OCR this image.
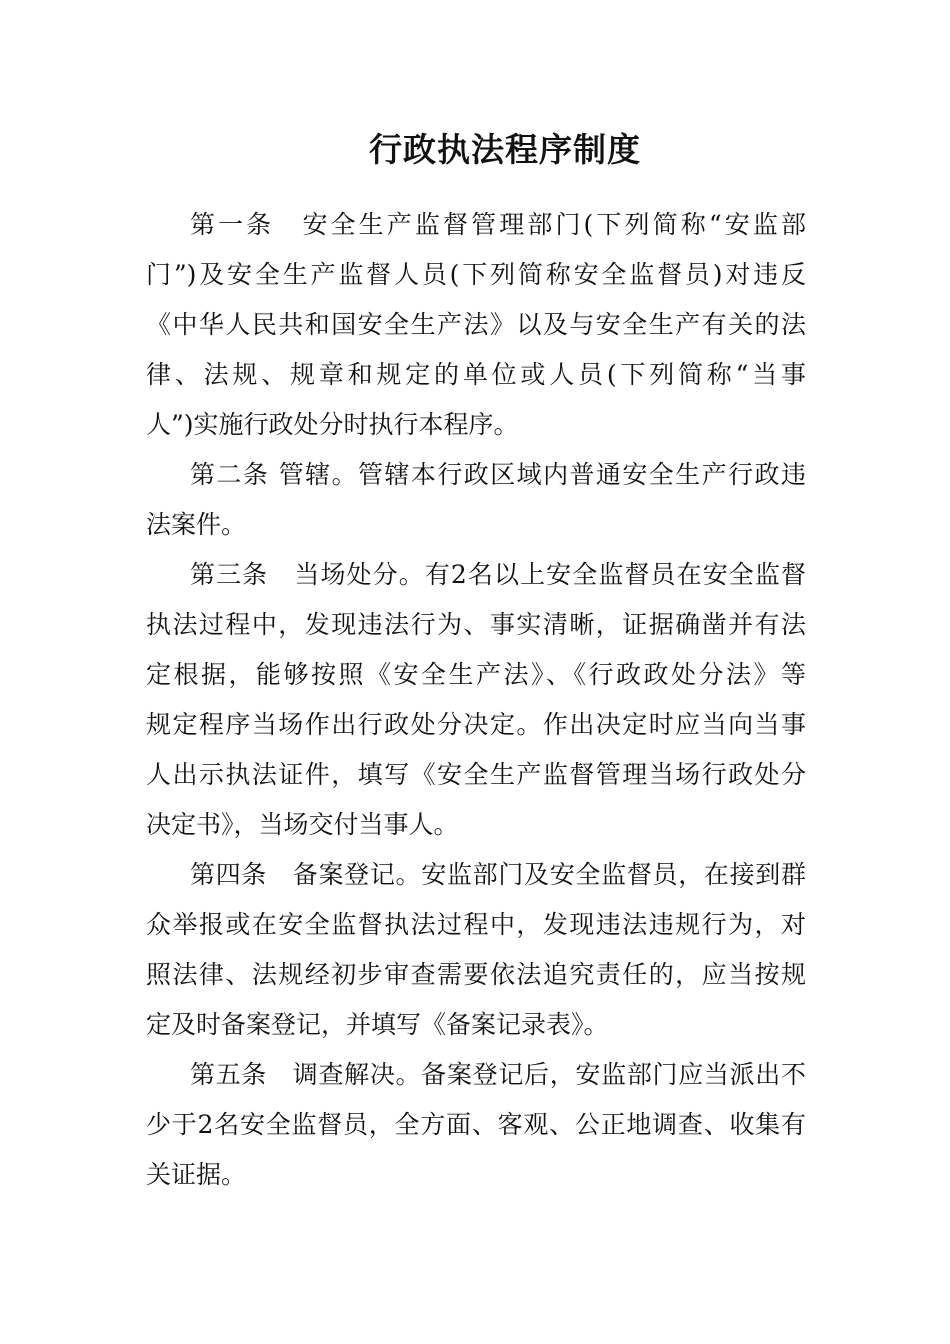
行政执法程序制度
第一条　安全生产监督管理部门(下列简称“安监部
门”)及安全生产监督人员(下列简称安全监督员)对违反
《中华人民共和国安全生产法》以及与安全生产有关的法
律、法规、规章和规定的单位或人员(下列简称“当事
人”)实施行政处分时执行本程序。
第二条 管辖。管辖本行政区域内普通安全生产行政违
法案件。
第三条　当场处分。有2名以上安全监督员在安全监督
执法过程中，发现违法行为、事实清晰，证据确凿并有法
定根据，能够按照《安全生产法》、《行政政处分法》等
规定程序当场作出行政处分决定。作出决定时应当向当事
人出示执法证件，填写《安全生产监督管理当场行政处分
决定书》，当场交付当事人。
第四条　备案登记。安监部门及安全监督员，在接到群
众举报或在安全监督执法过程中，发现违法违规行为，对
照法律、法规经初步审查需要依法追究责任的，应当按规
定及时备案登记，并填写《备案记录表》。
第五条　调查解决。备案登记后，安监部门应当派出不
少于2名安全监督员，全方面、客观、公正地调查、收集有
关证据。
